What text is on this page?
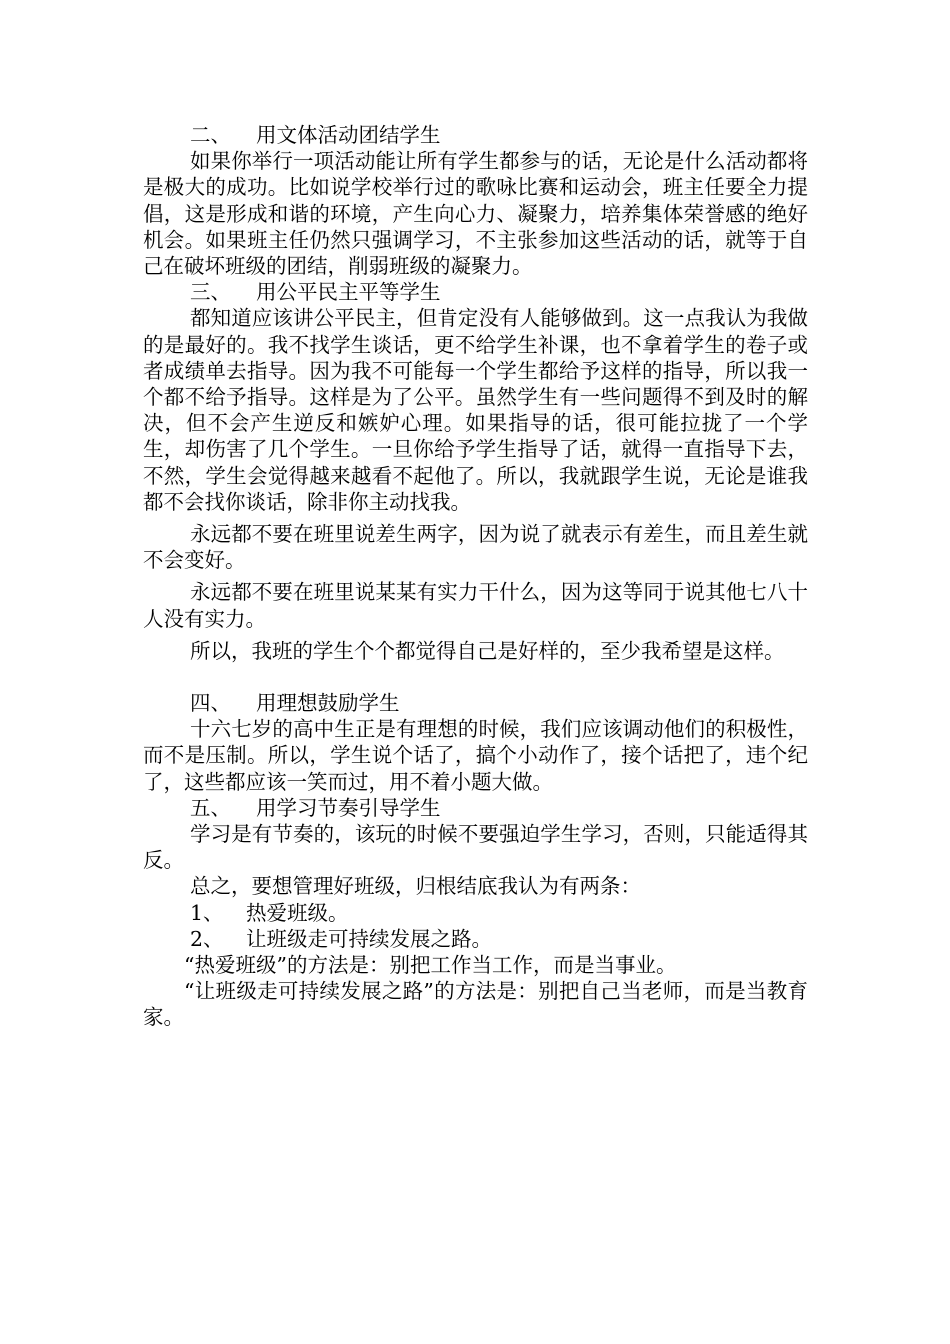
二、 用文体活动团结学生

如果你举行一项活动能让所有学生都参与的话，无论是什么活动都将是极大的成功。比如说学校举行过的歌咏比赛和运动会，班主任要全力提倡，这是形成和谐的环境，产生向心力、凝聚力，培养集体荣誉感的绝好机会。如果班主任仍然只强调学习，不主张参加这些活动的话，就等于自己在破坏班级的团结，削弱班级的凝聚力。

三、 用公平民主平等学生

都知道应该讲公平民主，但肯定没有人能够做到。这一点我认为我做的是最好的。我不找学生谈话，更不给学生补课，也不拿着学生的卷子或者成绩单去指导。因为我不可能每一个学生都给予这样的指导，所以我一个都不给予指导。这样是为了公平。虽然学生有一些问题得不到及时的解决，但不会产生逆反和嫉妒心理。如果指导的话，很可能拉拢了一个学生，却伤害了几个学生。一旦你给予学生指导了话，就得一直指导下去，不然，学生会觉得越来越看不起他了。所以，我就跟学生说，无论是谁我都不会找你谈话，除非你主动找我。

永远都不要在班里说差生两字，因为说了就表示有差生，而且差生就不会变好。

永远都不要在班里说某某有实力干什么，因为这等同于说其他七八十人没有实力。

所以，我班的学生个个都觉得自己是好样的，至少我希望是这样。

四、 用理想鼓励学生

十六七岁的高中生正是有理想的时候，我们应该调动他们的积极性，而不是压制。所以，学生说个话了，搞个小动作了，接个话把了，违个纪了，这些都应该一笑而过，用不着小题大做。

五、 用学习节奏引导学生

学习是有节奏的，该玩的时候不要强迫学生学习，否则，只能适得其反。

总之，要想管理好班级，归根结底我认为有两条：

1、 热爱班级。
2、 让班级走可持续发展之路。

“热爱班级”的方法是：别把工作当工作，而是当事业。

“让班级走可持续发展之路”的方法是：别把自己当老师，而是当教育家。
